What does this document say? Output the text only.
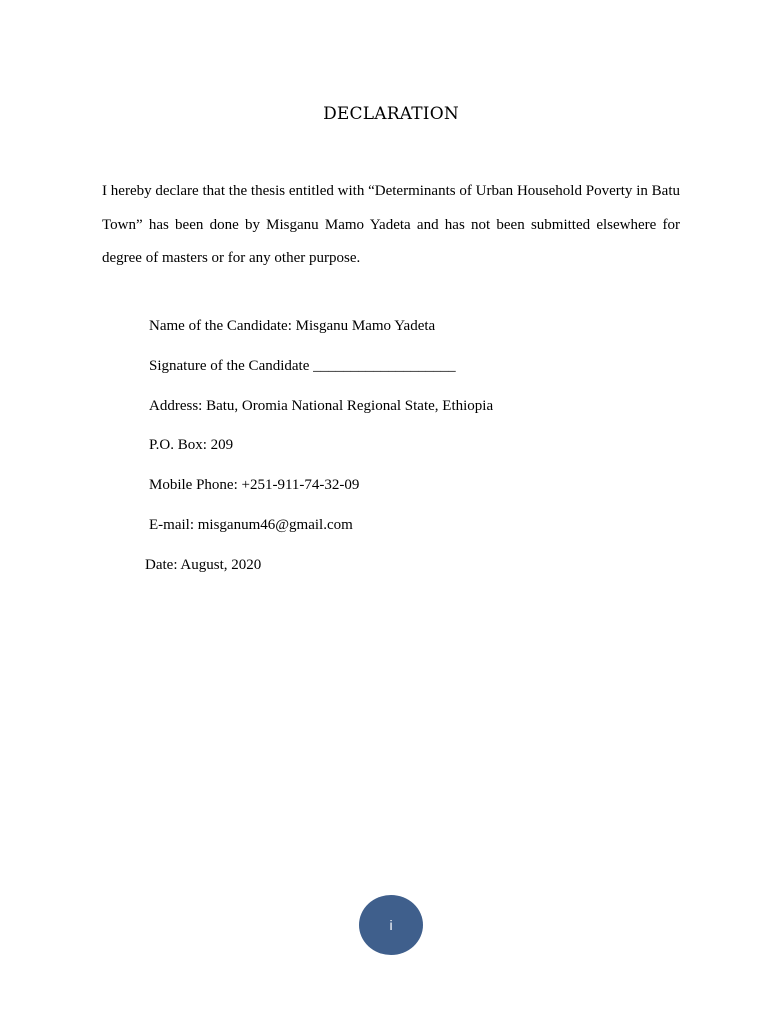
DECLARATION

I hereby declare that the thesis entitled with “Determinants of Urban Household Poverty in Batu Town” has been done by Misganu Mamo Yadeta and has not been submitted elsewhere for degree of masters or for any other purpose.

Name of the Candidate: Misganu Mamo Yadeta
Signature of the Candidate ___________________
Address: Batu, Oromia National Regional State, Ethiopia
P.O. Box: 209
Mobile Phone: +251-911-74-32-09
E-mail: misganum46@gmail.com
Date: August, 2020
i
